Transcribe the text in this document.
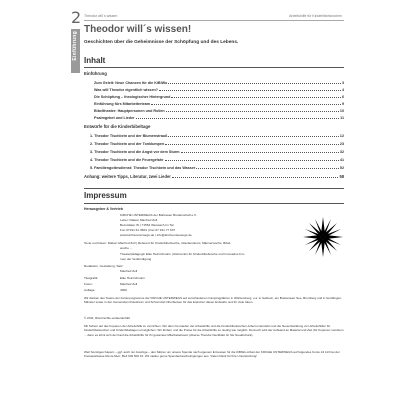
2
Einführung
Theodor will´s wissen	Arbeitshilfe für Kinderbibelwochen
Theodor will´s wissen!

Geschichten über die Geheimnisse der Schöpfung und des Lebens.

Inhalt
Einführung
Zum Geleit: Neue Chancen für die KiBiWo	3
Was will Theodor eigentlich wissen?	4
Die Schöpfung – theologischer Hintergrund	6
Einführung fürs Mitarbeiterteam	9
Bibeltheater: Hauptpersonen und Rollen	10
Psalmgebet und Lieder	11
Entwürfe für die Kinderbibeltage
1. Theodor Tischbein und der Blumenstrauß	12
2. Theodor Tischbein und der Tonklumpen	23
3. Theodor Tischbein und die Angst vor dem Sturm	32
4. Theodor Tischbein und die Feuergefahr	41
5. Familiengottesdienst: Theodor Tischbein und das Wasser	52
Anhang: weitere Tipps, Literatur, zwei Lieder	58
Impressum
Herausgeber & Vertrieb
KIRCHE UNTERWEGS der Bahnauer Bruderschaft e.V.
Leiter: Diakon Manfred Zoll
Bezoldsker W | 71554 Weissach Im Tal
Fon 07191 61 3663 | Fax 07 191.77 637
www.kircheunterwegs.de | info@kircheunterwegs.de
Texte und Ideen: Diakon Manfred Zoll | Referent für Kinderbibelwoche, Glaubenskurs, Männerwoche, Bibel-
woche ...
Theaterpädagogin Elke Heinrichsohn | Referentin für Kinderbibelwoche und Innovative For-
men der Verkündigung
Redaktion, Gestaltung, Satz:
Manfred Zoll
Titelgrafik:	Elke Heinrichsohn
Fotos:	Manfred Zoll
Auflage:	4000

Wir danken den Teams der Ferienprogramme der KIRCHE UNTERWEGS auf verschiedenen Campingplätzen in Württemberg, u.a. in Gaihesn, am Breitenauer See, Bromberg und in Großlingen-Mänster sowie in den Gemeinden Rutesheim und Schorndorf-Oberberken für das Erproben dieser Entwürfe und für viele Ideen.

© 2011, Rita Fischle-verlaerianhält

Mit Schein auf des Kopieren der Arbeitshilfe zu verzichten. Wir dann frei kaufen der Arbeitshilfe und die Kinderbibelwochen-Arbeit unterstützt und die Neuentwicklung von Arbeitshilfen für Kinderbibelwochen und Kinderbibeltagen ermöglichen. Wir fördern und die Preise für die Arbeitshilfe so niedrig wie möglich. Dennoch wird der Aufwand an Material und Zeit (für Kopieren meinbem ... dann es lohnt sich der Kauf die Arbeitshilfe für Ihr gesamtes Mitarbeiterteam (diverse Theodor Deckblatt Gr Sie Neuabdruck).

Weil Sonstiges Kapern – ggf. auch nur Auszüge – den Sätzen um unsere Spende nach eigenem Ermessen für die KiBiWo-Arbeit der KIRCHE UNTERWEGS auf folgendes Konto 24 113 bei der Kreissparkasse Rems-Murr, BLZ 602 500 10. Wir stellen gerne Spendenbescheinigungen aus. Vielen Dank für Ihre Unterstützung!
